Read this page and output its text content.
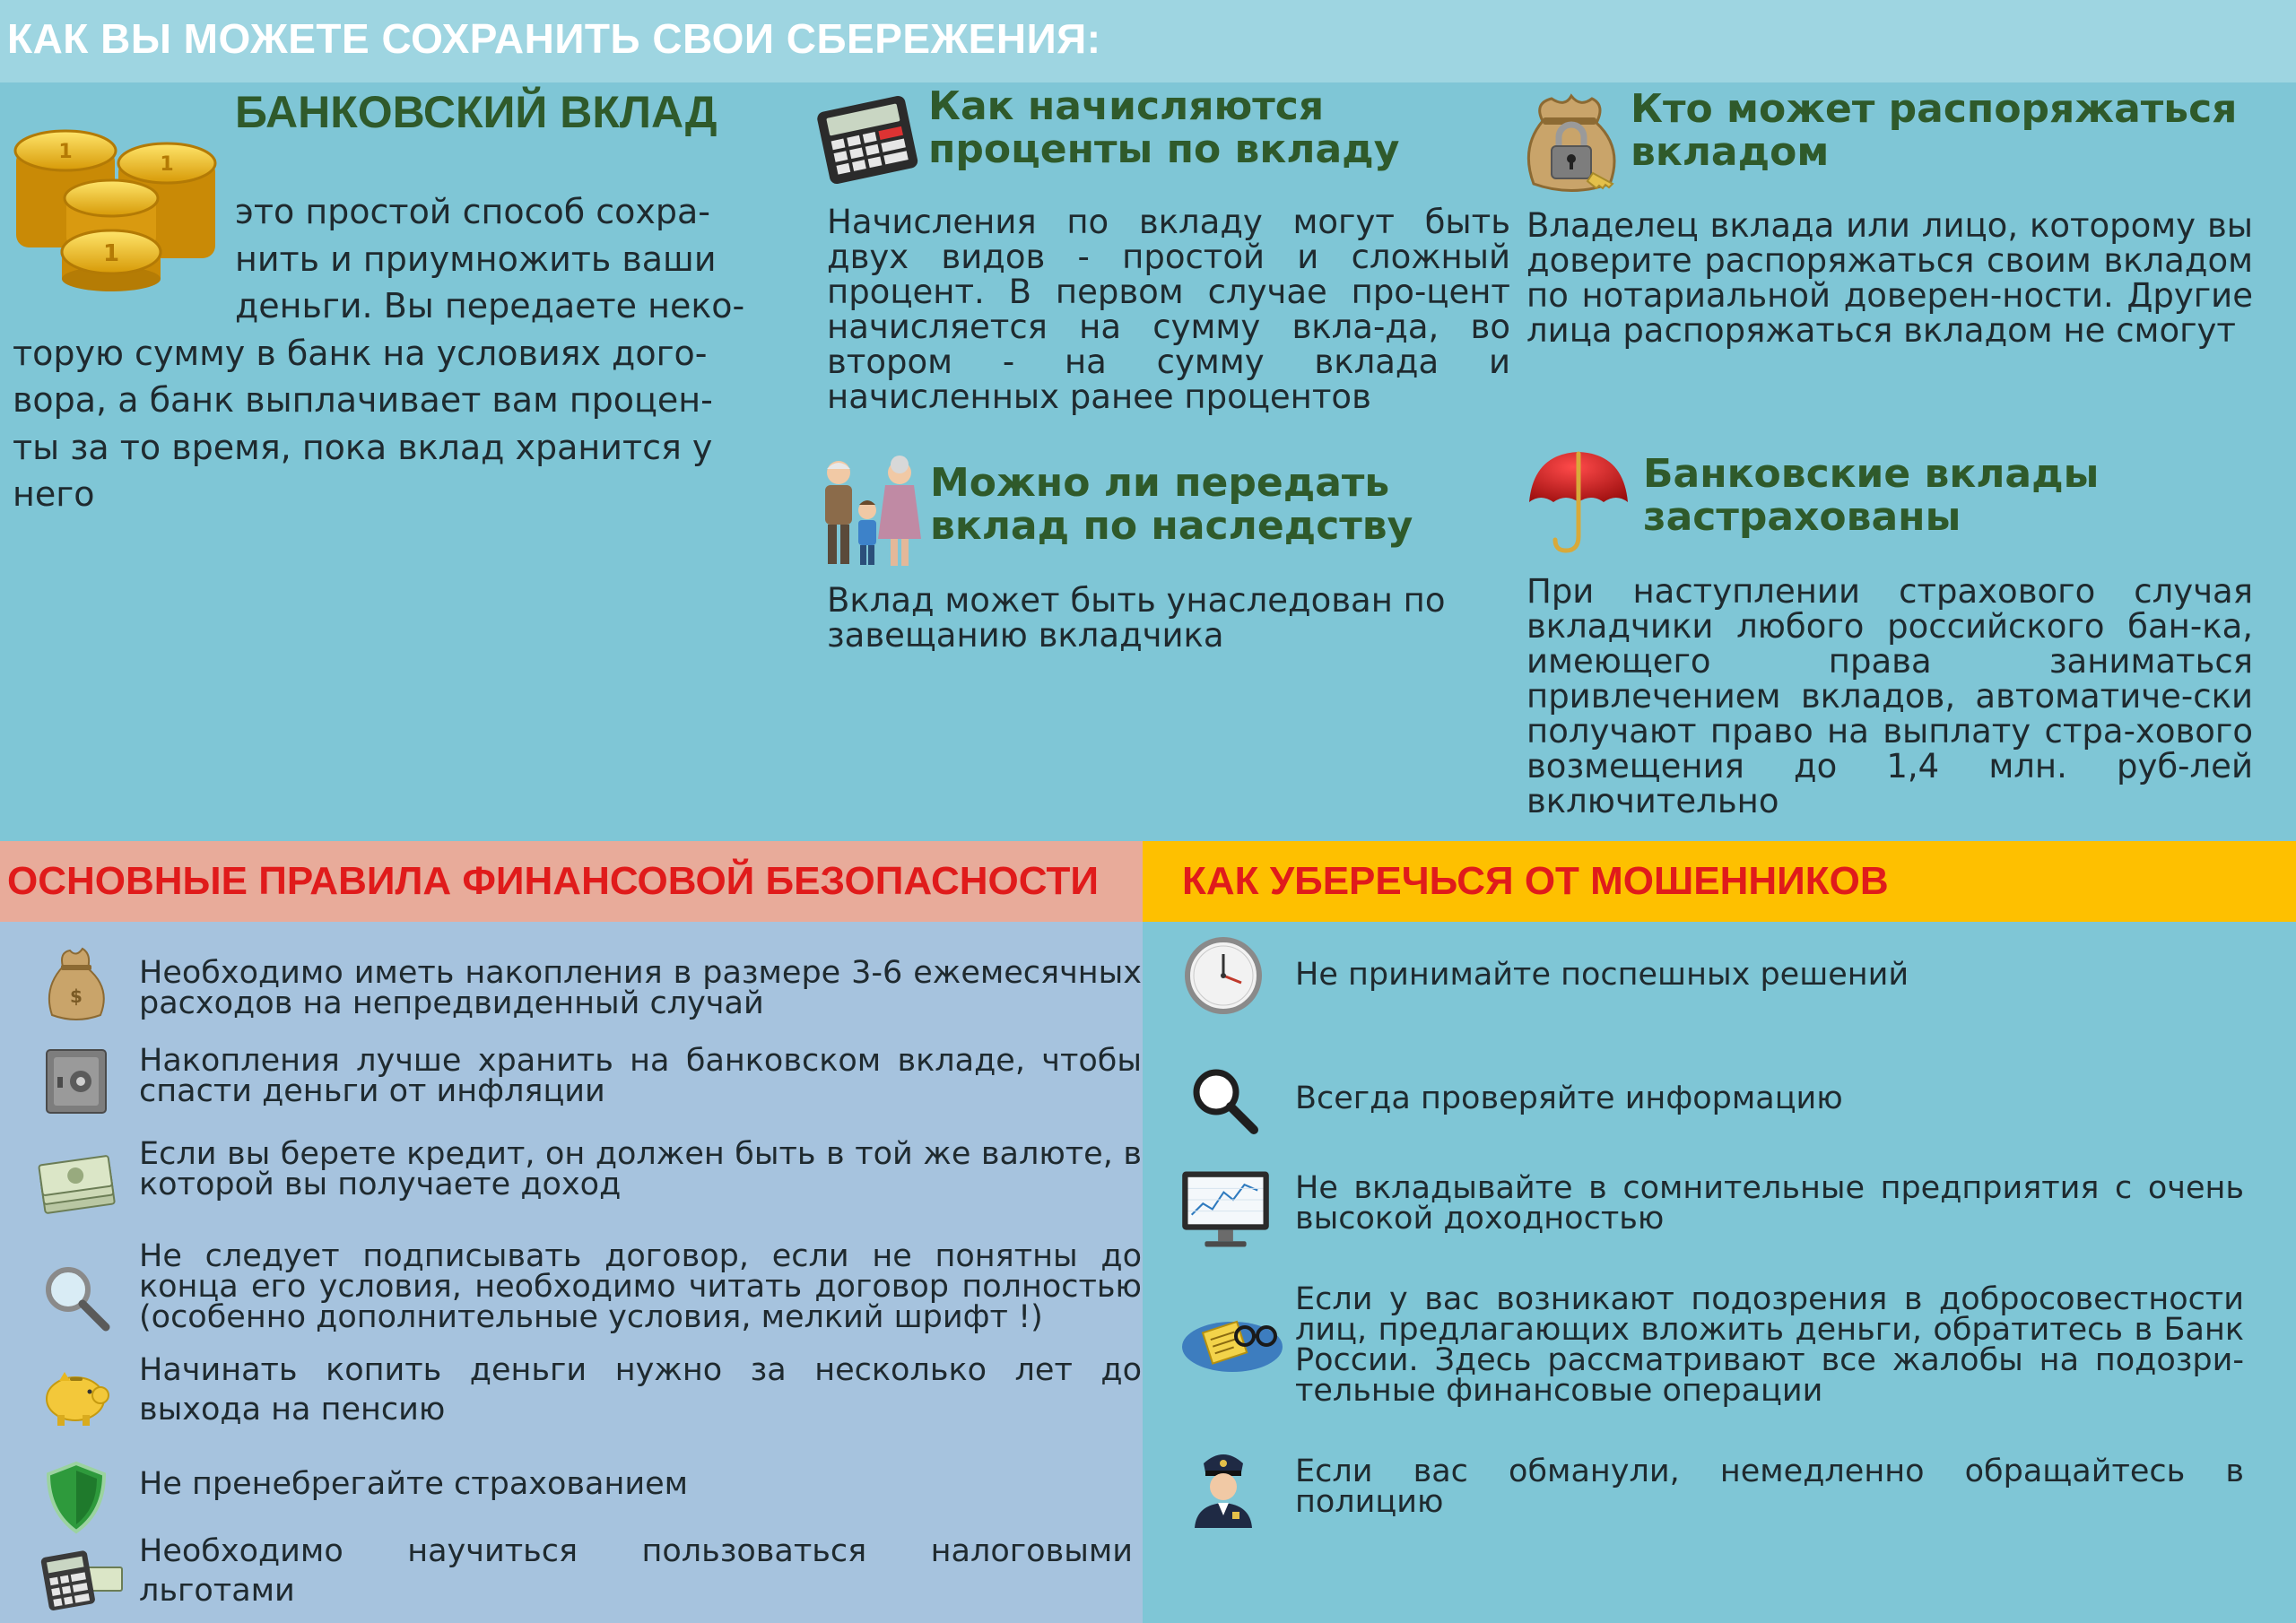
КАК ВЫ МОЖЕТЕ СОХРАНИТЬ СВОИ СБЕРЕЖЕНИЯ:
1
1
1
БАНКОВСКИЙ ВКЛАД
это простой способ сохра-
нить и приумножить ваши
деньги. Вы передаете неко-
торую сумму в банк на условиях дого-
вора, а банк выплачивает вам процен-
ты за то время, пока вклад хранится у
него
Как начисляются
проценты по вкладу
Начисления по вкладу могут быть двух видов - простой и сложный процент. В первом случае про-цент начисляется на сумму вкла-да, во втором - на сумму вклада и начисленных ранее процентов
Кто может распоряжаться
вкладом
Владелец вклада или лицо, которому вы доверите распоряжаться своим вкладом по нотариальной доверен-ности. Другие лица распоряжаться вкладом не смогут
Можно ли передать
вклад по наследству
Вклад может быть унаследован по завещанию вкладчика
Банковские вклады
застрахованы
При наступлении страхового случая вкладчики любого российского бан-ка, имеющего права заниматься привлечением вкладов, автоматиче-ски получают право на выплату стра-хового возмещения до 1,4 млн. руб-лей включительно
ОСНОВНЫЕ ПРАВИЛА ФИНАНСОВОЙ БЕЗОПАСНОСТИ КАК УБЕРЕЧЬСЯ ОТ МОШЕННИКОВ
$
Необходимо иметь накопления в размере 3-6 ежемесячных расходов на непредвиденный случай
Накопления лучше хранить на банковском вкладе, чтобы спасти деньги от инфляции
Если вы берете кредит, он должен быть в той же валюте, в которой вы получаете доход
Не следует подписывать договор, если не понятны до конца его условия, необходимо читать договор полностью (особенно дополнительные условия, мелкий шрифт !)
Начинать копить деньги нужно за несколько лет до выхода на пенсию
Не пренебрегайте страхованием
Необходимо научиться пользоваться налоговыми льготами
Не принимайте поспешных решений
Всегда проверяйте информацию
Не вкладывайте в сомнительные предприятия с очень высокой доходностью
Если у вас возникают подозрения в добросовестности лиц, предлагающих вложить деньги, обратитесь в Банк России. Здесь рассматривают все жалобы на подозри-тельные финансовые операции
Если вас обманули, немедленно обращайтесь в полицию
